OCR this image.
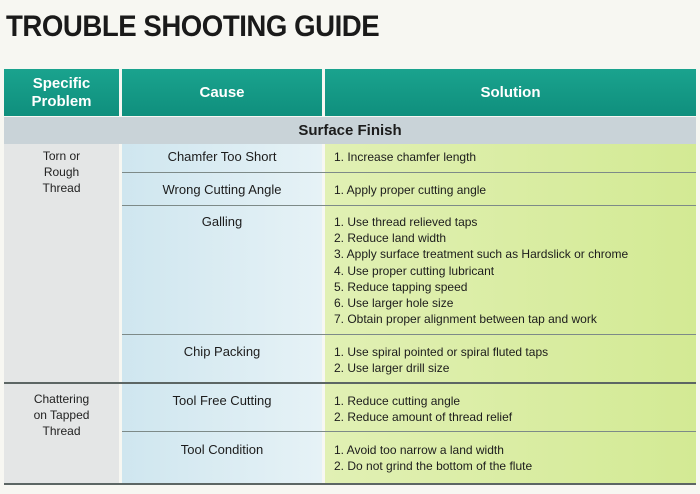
TROUBLE SHOOTING GUIDE
Specific Problem
Cause	Solution
Surface Finish
Torn or Rough Thread
Chamfer Too Short	1. Increase chamfer length
Wrong Cutting Angle	1. Apply proper cutting angle
Galling	1. Use thread relieved taps
2. Reduce land width
3. Apply surface treatment such as Hardslick or chrome
4. Use proper cutting lubricant
5. Reduce tapping speed
6. Use larger hole size
7. Obtain proper alignment between tap and work
Chip Packing	1. Use spiral pointed or spiral fluted taps
2. Use larger drill size
Chattering on Tapped Thread
Tool Free Cutting	1. Reduce cutting angle
2. Reduce amount of thread relief
Tool Condition	1. Avoid too narrow a land width
2. Do not grind the bottom of the flute
